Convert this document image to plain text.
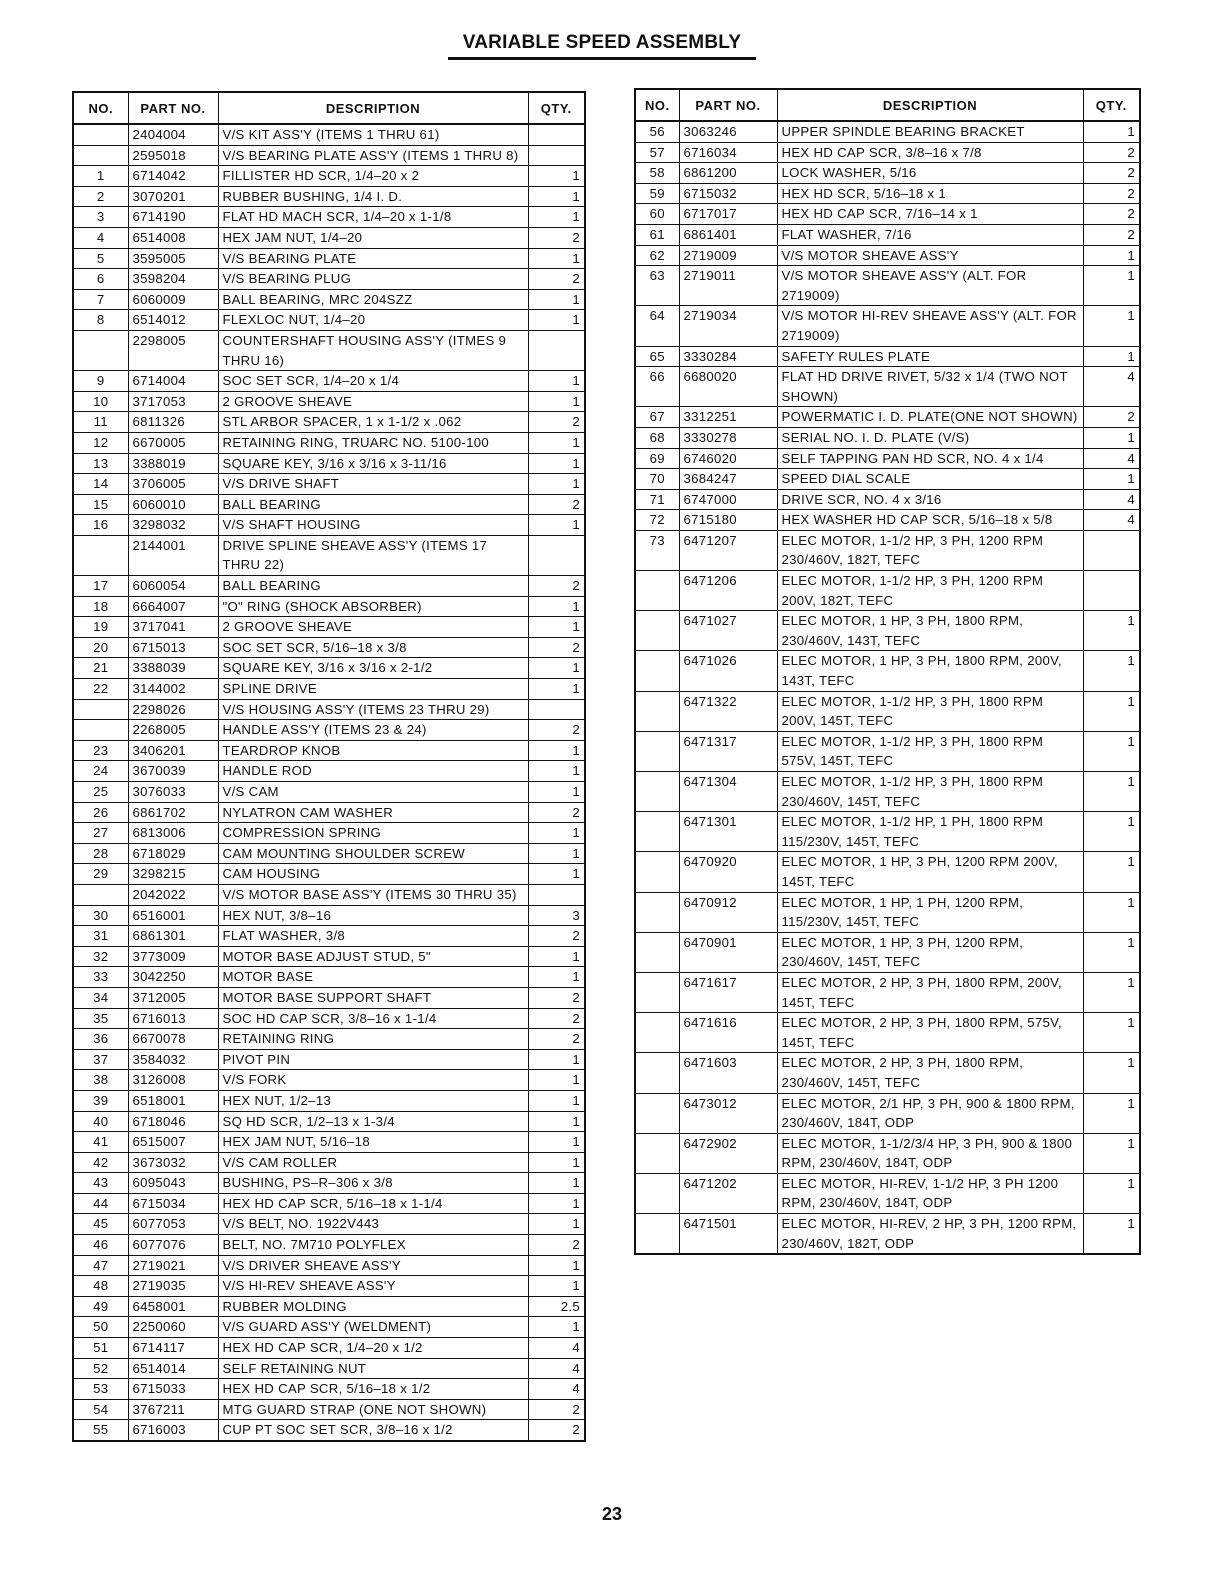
VARIABLE SPEED ASSEMBLY
NO.	PART NO.	DESCRIPTION	QTY.
	2404004	V/S KIT ASS'Y (ITEMS 1 THRU 61)	
	2595018	V/S BEARING PLATE ASS'Y (ITEMS 1 THRU 8)	
1	6714042	FILLISTER HD SCR, 1/4–20 x 2	1
2	3070201	RUBBER BUSHING, 1/4 I. D.	1
3	6714190	FLAT HD MACH SCR, 1/4–20 x 1-1/8	1
4	6514008	HEX JAM NUT, 1/4–20	2
5	3595005	V/S BEARING PLATE	1
6	3598204	V/S BEARING PLUG	2
7	6060009	BALL BEARING, MRC 204SZZ	1
8	6514012	FLEXLOC NUT, 1/4–20	1
	2298005	COUNTERSHAFT HOUSING ASS'Y (ITMES 9 THRU 16)	
9	6714004	SOC SET SCR, 1/4–20 x 1/4	1
10	3717053	2 GROOVE SHEAVE	1
11	6811326	STL ARBOR SPACER, 1 x 1-1/2 x .062	2
12	6670005	RETAINING RING, TRUARC NO. 5100-100	1
13	3388019	SQUARE KEY, 3/16 x 3/16 x 3-11/16	1
14	3706005	V/S DRIVE SHAFT	1
15	6060010	BALL BEARING	2
16	3298032	V/S SHAFT HOUSING	1
	2144001	DRIVE SPLINE SHEAVE ASS'Y (ITEMS 17 THRU 22)	
17	6060054	BALL BEARING	2
18	6664007	"O" RING (SHOCK ABSORBER)	1
19	3717041	2 GROOVE SHEAVE	1
20	6715013	SOC SET SCR, 5/16–18 x 3/8	2
21	3388039	SQUARE KEY, 3/16 x 3/16 x 2-1/2	1
22	3144002	SPLINE DRIVE	1
	2298026	V/S HOUSING ASS'Y (ITEMS 23 THRU 29)	
	2268005	HANDLE ASS'Y (ITEMS 23 & 24)	2
23	3406201	TEARDROP KNOB	1
24	3670039	HANDLE ROD	1
25	3076033	V/S CAM	1
26	6861702	NYLATRON CAM WASHER	2
27	6813006	COMPRESSION SPRING	1
28	6718029	CAM MOUNTING SHOULDER SCREW	1
29	3298215	CAM HOUSING	1
	2042022	V/S MOTOR BASE ASS'Y (ITEMS 30 THRU 35)	
30	6516001	HEX NUT, 3/8–16	3
31	6861301	FLAT WASHER, 3/8	2
32	3773009	MOTOR BASE ADJUST STUD, 5"	1
33	3042250	MOTOR BASE	1
34	3712005	MOTOR BASE SUPPORT SHAFT	2
35	6716013	SOC HD CAP SCR, 3/8–16 x 1-1/4	2
36	6670078	RETAINING RING	2
37	3584032	PIVOT PIN	1
38	3126008	V/S FORK	1
39	6518001	HEX NUT, 1/2–13	1
40	6718046	SQ HD SCR, 1/2–13 x 1-3/4	1
41	6515007	HEX JAM NUT, 5/16–18	1
42	3673032	V/S CAM ROLLER	1
43	6095043	BUSHING, PS–R–306 x 3/8	1
44	6715034	HEX HD CAP SCR, 5/16–18 x 1-1/4	1
45	6077053	V/S BELT, NO. 1922V443	1
46	6077076	BELT, NO. 7M710 POLYFLEX	2
47	2719021	V/S DRIVER SHEAVE ASS'Y	1
48	2719035	V/S HI-REV SHEAVE ASS'Y	1
49	6458001	RUBBER MOLDING	2.5
50	2250060	V/S GUARD ASS'Y (WELDMENT)	1
51	6714117	HEX HD CAP SCR, 1/4–20 x 1/2	4
52	6514014	SELF RETAINING NUT	4
53	6715033	HEX HD CAP SCR, 5/16–18 x 1/2	4
54	3767211	MTG GUARD STRAP (ONE NOT SHOWN)	2
55	6716003	CUP PT SOC SET SCR, 3/8–16 x 1/2	2
NO.	PART NO.	DESCRIPTION	QTY.
56	3063246	UPPER SPINDLE BEARING BRACKET	1
57	6716034	HEX HD CAP SCR, 3/8–16 x 7/8	2
58	6861200	LOCK WASHER, 5/16	2
59	6715032	HEX HD SCR, 5/16–18 x 1	2
60	6717017	HEX HD CAP SCR, 7/16–14 x 1	2
61	6861401	FLAT WASHER, 7/16	2
62	2719009	V/S MOTOR SHEAVE ASS'Y	1
63	2719011	V/S MOTOR SHEAVE ASS'Y (ALT. FOR 2719009)	1
64	2719034	V/S MOTOR HI-REV SHEAVE ASS'Y (ALT. FOR 2719009)	1
65	3330284	SAFETY RULES PLATE	1
66	6680020	FLAT HD DRIVE RIVET, 5/32 x 1/4 (TWO NOT SHOWN)	4
67	3312251	POWERMATIC I. D. PLATE(ONE NOT SHOWN)	2
68	3330278	SERIAL NO. I. D. PLATE (V/S)	1
69	6746020	SELF TAPPING PAN HD SCR, NO. 4 x 1/4	4
70	3684247	SPEED DIAL SCALE	1
71	6747000	DRIVE SCR, NO. 4 x 3/16	4
72	6715180	HEX WASHER HD CAP SCR, 5/16–18 x 5/8	4
73	6471207	ELEC MOTOR, 1-1/2 HP, 3 PH, 1200 RPM 230/460V, 182T, TEFC	
	6471206	ELEC MOTOR, 1-1/2 HP, 3 PH, 1200 RPM 200V, 182T, TEFC	
	6471027	ELEC MOTOR, 1 HP, 3 PH, 1800 RPM, 230/460V, 143T, TEFC	1
	6471026	ELEC MOTOR, 1 HP, 3 PH, 1800 RPM, 200V, 143T, TEFC	1
	6471322	ELEC MOTOR, 1-1/2 HP, 3 PH, 1800 RPM 200V, 145T, TEFC	1
	6471317	ELEC MOTOR, 1-1/2 HP, 3 PH, 1800 RPM 575V, 145T, TEFC	1
	6471304	ELEC MOTOR, 1-1/2 HP, 3 PH, 1800 RPM 230/460V, 145T, TEFC	1
	6471301	ELEC MOTOR, 1-1/2 HP, 1 PH, 1800 RPM 115/230V, 145T, TEFC	1
	6470920	ELEC MOTOR, 1 HP, 3 PH, 1200 RPM 200V, 145T, TEFC	1
	6470912	ELEC MOTOR, 1 HP, 1 PH, 1200 RPM, 115/230V, 145T, TEFC	1
	6470901	ELEC MOTOR, 1 HP, 3 PH, 1200 RPM, 230/460V, 145T, TEFC	1
	6471617	ELEC MOTOR, 2 HP, 3 PH, 1800 RPM, 200V, 145T, TEFC	1
	6471616	ELEC MOTOR, 2 HP, 3 PH, 1800 RPM, 575V, 145T, TEFC	1
	6471603	ELEC MOTOR, 2 HP, 3 PH, 1800 RPM, 230/460V, 145T, TEFC	1
	6473012	ELEC MOTOR, 2/1 HP, 3 PH, 900 & 1800 RPM, 230/460V, 184T, ODP	1
	6472902	ELEC MOTOR, 1-1/2/3/4 HP, 3 PH, 900 & 1800 RPM, 230/460V, 184T, ODP	1
	6471202	ELEC MOTOR, HI-REV, 1-1/2 HP, 3 PH 1200 RPM, 230/460V, 184T, ODP	1
	6471501	ELEC MOTOR, HI-REV, 2 HP, 3 PH, 1200 RPM, 230/460V, 182T, ODP	1
23
